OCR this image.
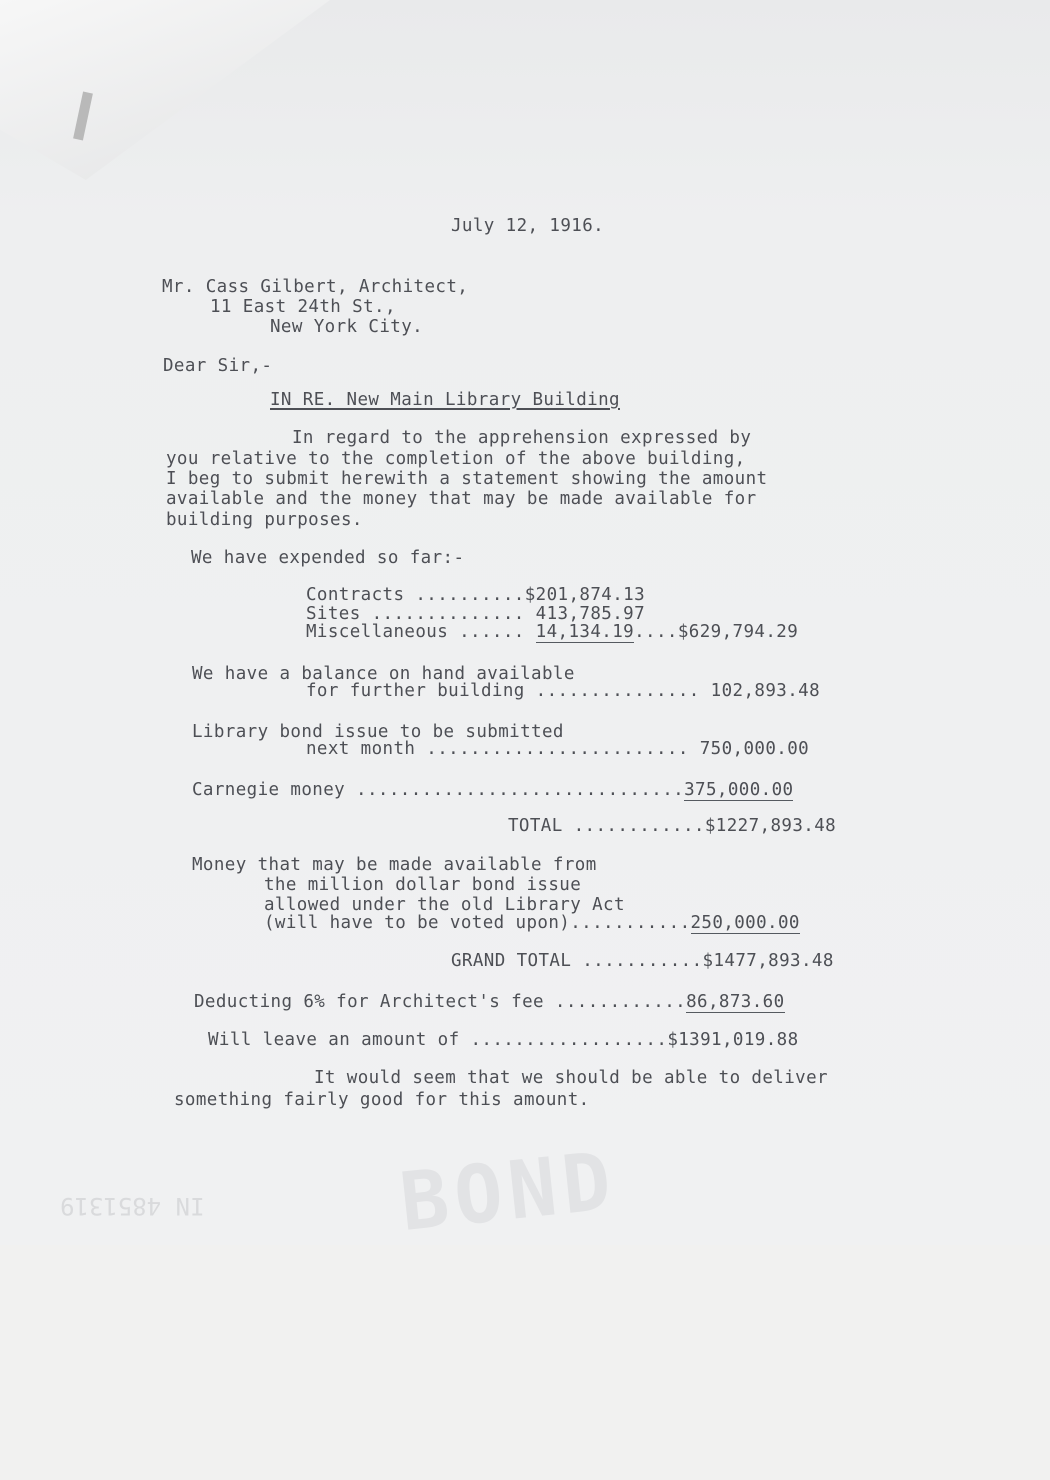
BOND
IN 4851319

July 12, 1916.

Mr. Cass Gilbert, Architect,

11 East 24th St.,

New York City.

Dear Sir,-

IN RE. New Main Library Building

In regard to the apprehension expressed by

you relative to the completion of the above building,

I beg to submit herewith a statement showing the amount

available and the money that may be made available for

building purposes.

We have expended so far:-

Contracts ..........$201,874.13

Sites .............. 413,785.97

Miscellaneous ...... 14,134.19....$629,794.29

We have a balance on hand available

for further building ............... 102,893.48

Library bond issue to be submitted

next month ........................ 750,000.00

Carnegie money ..............................375,000.00

TOTAL ............$1227,893.48

Money that may be made available from

the million dollar bond issue

allowed under the old Library Act

(will have to be voted upon)...........250,000.00

GRAND TOTAL ...........$1477,893.48

Deducting 6% for Architect's fee ............86,873.60

Will leave an amount of ..................$1391,019.88

It would seem that we should be able to deliver

something fairly good for this amount.
